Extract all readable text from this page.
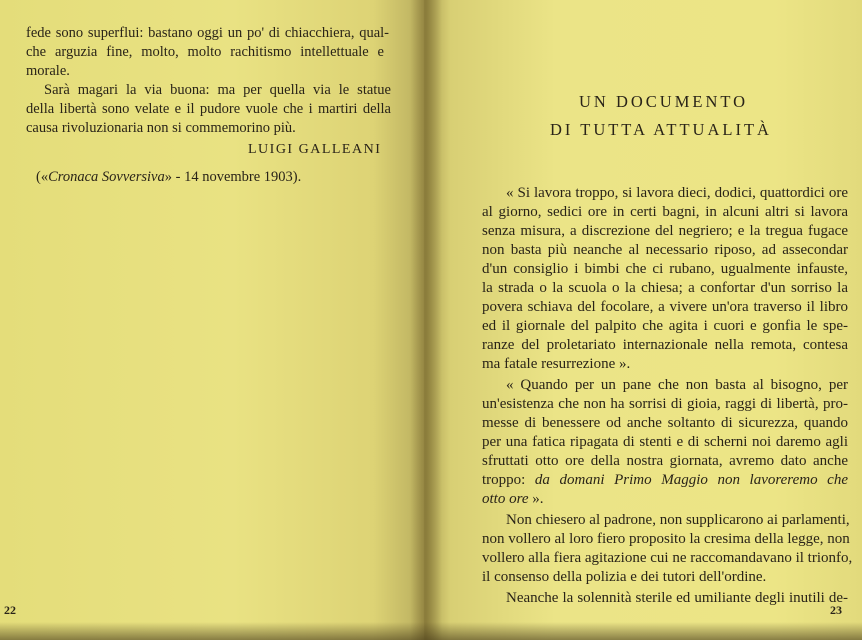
fede sono superflui: bastano oggi un po' di chiacchiera, qual-
che arguzia fine, molto, molto rachitismo intellettuale e
morale.
Sarà magari la via buona: ma per quella via le statue
della libertà sono velate e il pudore vuole che i martiri della
causa rivoluzionaria non si commemorino più.
LUIGI GALLEANI
(«Cronaca Sovversiva» - 14 novembre 1903).
22
UN DOCUMENTO
DI TUTTA ATTUALITÀ
« Si lavora troppo, si lavora dieci, dodici, quattordici ore
al giorno, sedici ore in certi bagni, in alcuni altri si lavora
senza misura, a discrezione del negriero; e la tregua fugace
non basta più neanche al necessario riposo, ad assecondar
d'un consiglio i bimbi che ci rubano, ugualmente infauste,
la strada o la scuola o la chiesa; a confortar d'un sorriso la
povera schiava del focolare, a vivere un'ora traverso il libro
ed il giornale del palpito che agita i cuori e gonfia le spe-
ranze del proletariato internazionale nella remota, contesa
ma fatale resurrezione ».
« Quando per un pane che non basta al bisogno, per
un'esistenza che non ha sorrisi di gioia, raggi di libertà, pro-
messe di benessere od anche soltanto di sicurezza, quando
per una fatica ripagata di stenti e di scherni noi daremo agli
sfruttati otto ore della nostra giornata, avremo dato anche
troppo: da domani Primo Maggio non lavoreremo che
otto ore ».
Non chiesero al padrone, non supplicarono ai parlamenti,
non vollero al loro fiero proposito la cresima della legge, non
vollero alla fiera agitazione cui ne raccomandavano il trionfo,
il consenso della polizia e dei tutori dell'ordine.
Neanche la solennità sterile ed umiliante degli inutili de-
23
